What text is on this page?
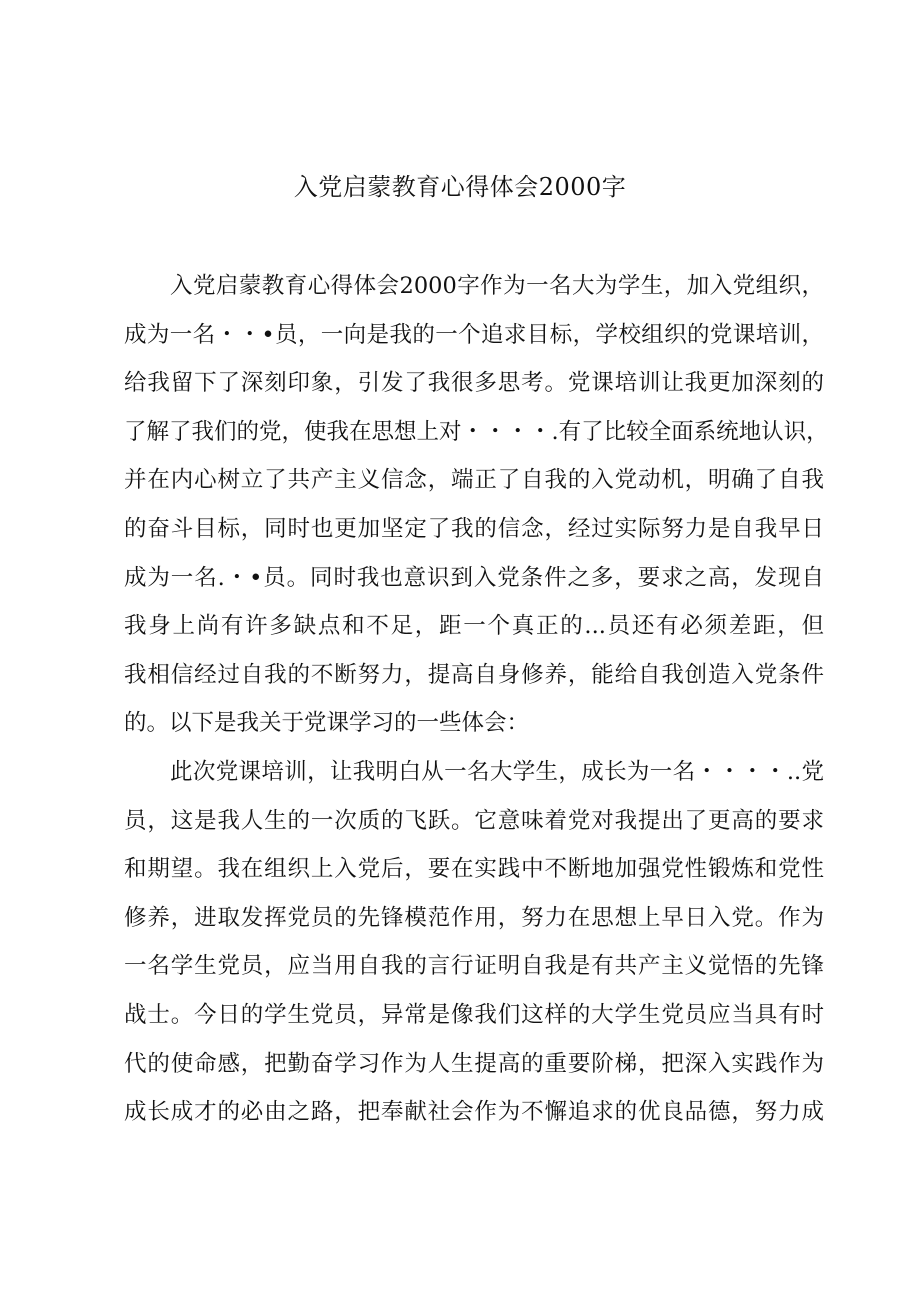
入党启蒙教育心得体会2000字
入党启蒙教育心得体会2000字作为一名大为学生，加入党组织，
成为一名・・•员，一向是我的一个追求目标，学校组织的党课培训，
给我留下了深刻印象，引发了我很多思考。党课培训让我更加深刻的
了解了我们的党，使我在思想上对・・・・.有了比较全面系统地认识，
并在内心树立了共产主义信念，端正了自我的入党动机，明确了自我
的奋斗目标，同时也更加坚定了我的信念，经过实际努力是自我早日
成为一名.・•员。同时我也意识到入党条件之多，要求之高，发现自
我身上尚有许多缺点和不足，距一个真正的...员还有必须差距，但
我相信经过自我的不断努力，提高自身修养，能给自我创造入党条件
的。以下是我关于党课学习的一些体会：
此次党课培训，让我明白从一名大学生，成长为一名・・・・..党
员，这是我人生的一次质的飞跃。它意味着党对我提出了更高的要求
和期望。我在组织上入党后，要在实践中不断地加强党性锻炼和党性
修养，进取发挥党员的先锋模范作用，努力在思想上早日入党。作为
一名学生党员，应当用自我的言行证明自我是有共产主义觉悟的先锋
战士。今日的学生党员，异常是像我们这样的大学生党员应当具有时
代的使命感，把勤奋学习作为人生提高的重要阶梯，把深入实践作为
成长成才的必由之路，把奉献社会作为不懈追求的优良品德，努力成
